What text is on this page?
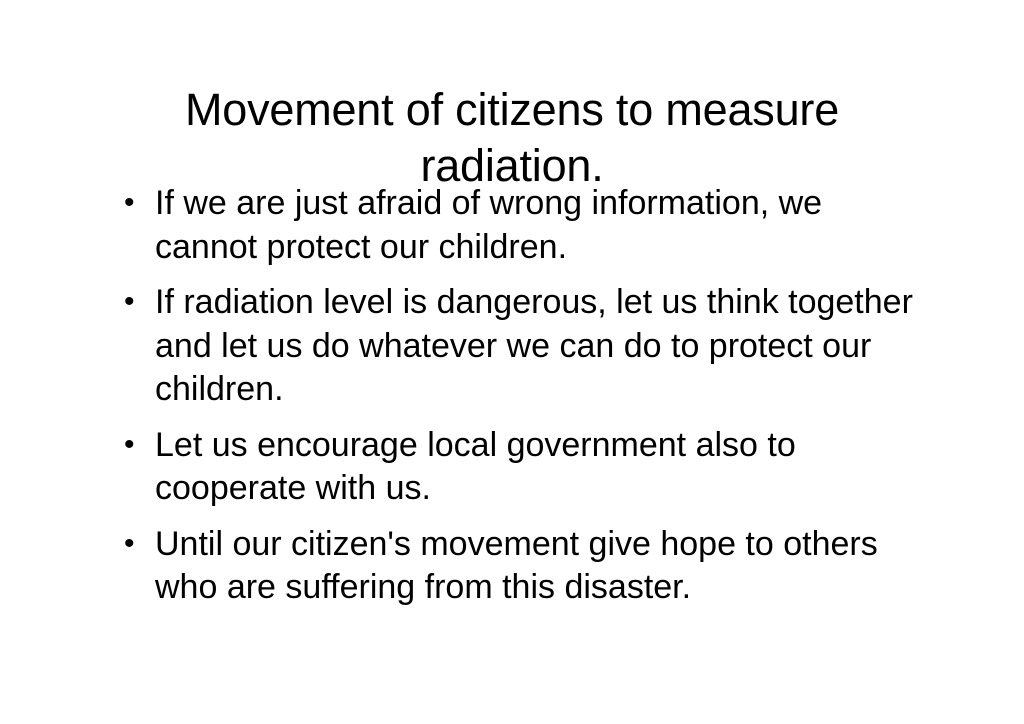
Movement of citizens to measure radiation.
• If we are just afraid of wrong information, we cannot protect our children.
• If radiation level is dangerous, let us think together and let us do whatever we can do to protect our children.
• Let us encourage local government also to cooperate with us.
• Until our citizen's movement give hope to others who are suffering from this disaster.
